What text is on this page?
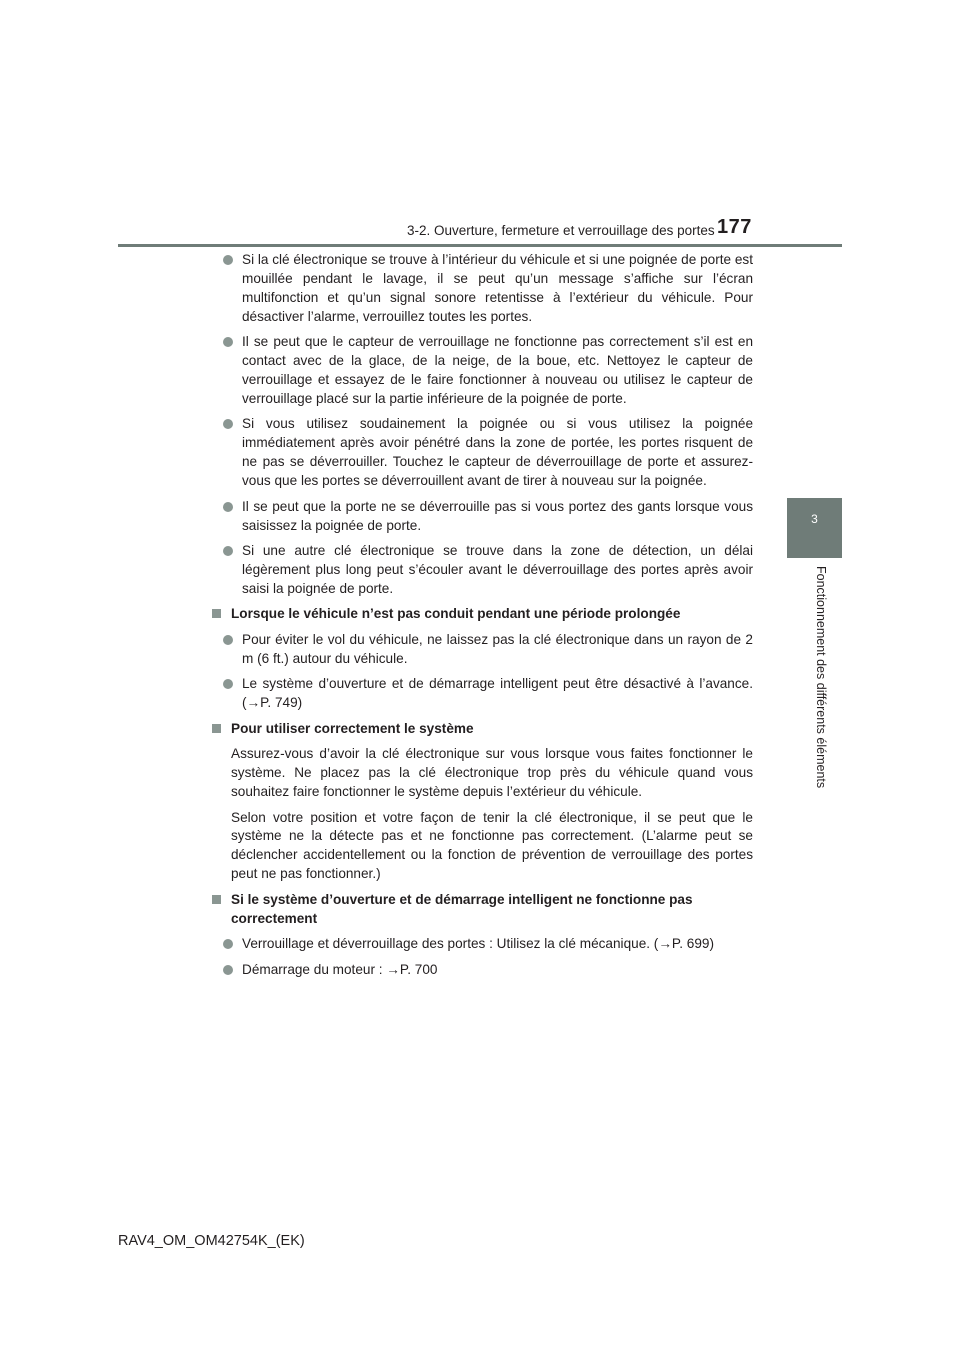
3-2. Ouverture, fermeture et verrouillage des portes 177
3
Fonctionnement des différents éléments
Si la clé électronique se trouve à l’intérieur du véhicule et si une poignée de porte est mouillée pendant le lavage, il se peut qu’un message s’affiche sur l’écran multifonction et qu’un signal sonore retentisse à l’extérieur du véhicule. Pour désactiver l’alarme, verrouillez toutes les portes.
Il se peut que le capteur de verrouillage ne fonctionne pas correctement s’il est en contact avec de la glace, de la neige, de la boue, etc. Nettoyez le capteur de verrouillage et essayez de le faire fonctionner à nouveau ou utilisez le capteur de verrouillage placé sur la partie inférieure de la poignée de porte.
Si vous utilisez soudainement la poignée ou si vous utilisez la poignée immédiatement après avoir pénétré dans la zone de portée, les portes risquent de ne pas se déverrouiller. Touchez le capteur de déverrouillage de porte et assurez-vous que les portes se déverrouillent avant de tirer à nouveau sur la poignée.
Il se peut que la porte ne se déverrouille pas si vous portez des gants lorsque vous saisissez la poignée de porte.
Si une autre clé électronique se trouve dans la zone de détection, un délai légèrement plus long peut s’écouler avant le déverrouillage des portes après avoir saisi la poignée de porte.
Lorsque le véhicule n’est pas conduit pendant une période prolongée
Pour éviter le vol du véhicule, ne laissez pas la clé électronique dans un rayon de 2 m (6 ft.) autour du véhicule.
Le système d’ouverture et de démarrage intelligent peut être désactivé à l’avance. (→P. 749)
Pour utiliser correctement le système
Assurez-vous d’avoir la clé électronique sur vous lorsque vous faites fonctionner le système. Ne placez pas la clé électronique trop près du véhicule quand vous souhaitez faire fonctionner le système depuis l’extérieur du véhicule.
Selon votre position et votre façon de tenir la clé électronique, il se peut que le système ne la détecte pas et ne fonctionne pas correctement. (L’alarme peut se déclencher accidentellement ou la fonction de prévention de verrouillage des portes peut ne pas fonctionner.)
Si le système d’ouverture et de démarrage intelligent ne fonctionne pas correctement
Verrouillage et déverrouillage des portes : Utilisez la clé mécanique. (→P. 699)
Démarrage du moteur : →P. 700
RAV4_OM_OM42754K_(EK)
